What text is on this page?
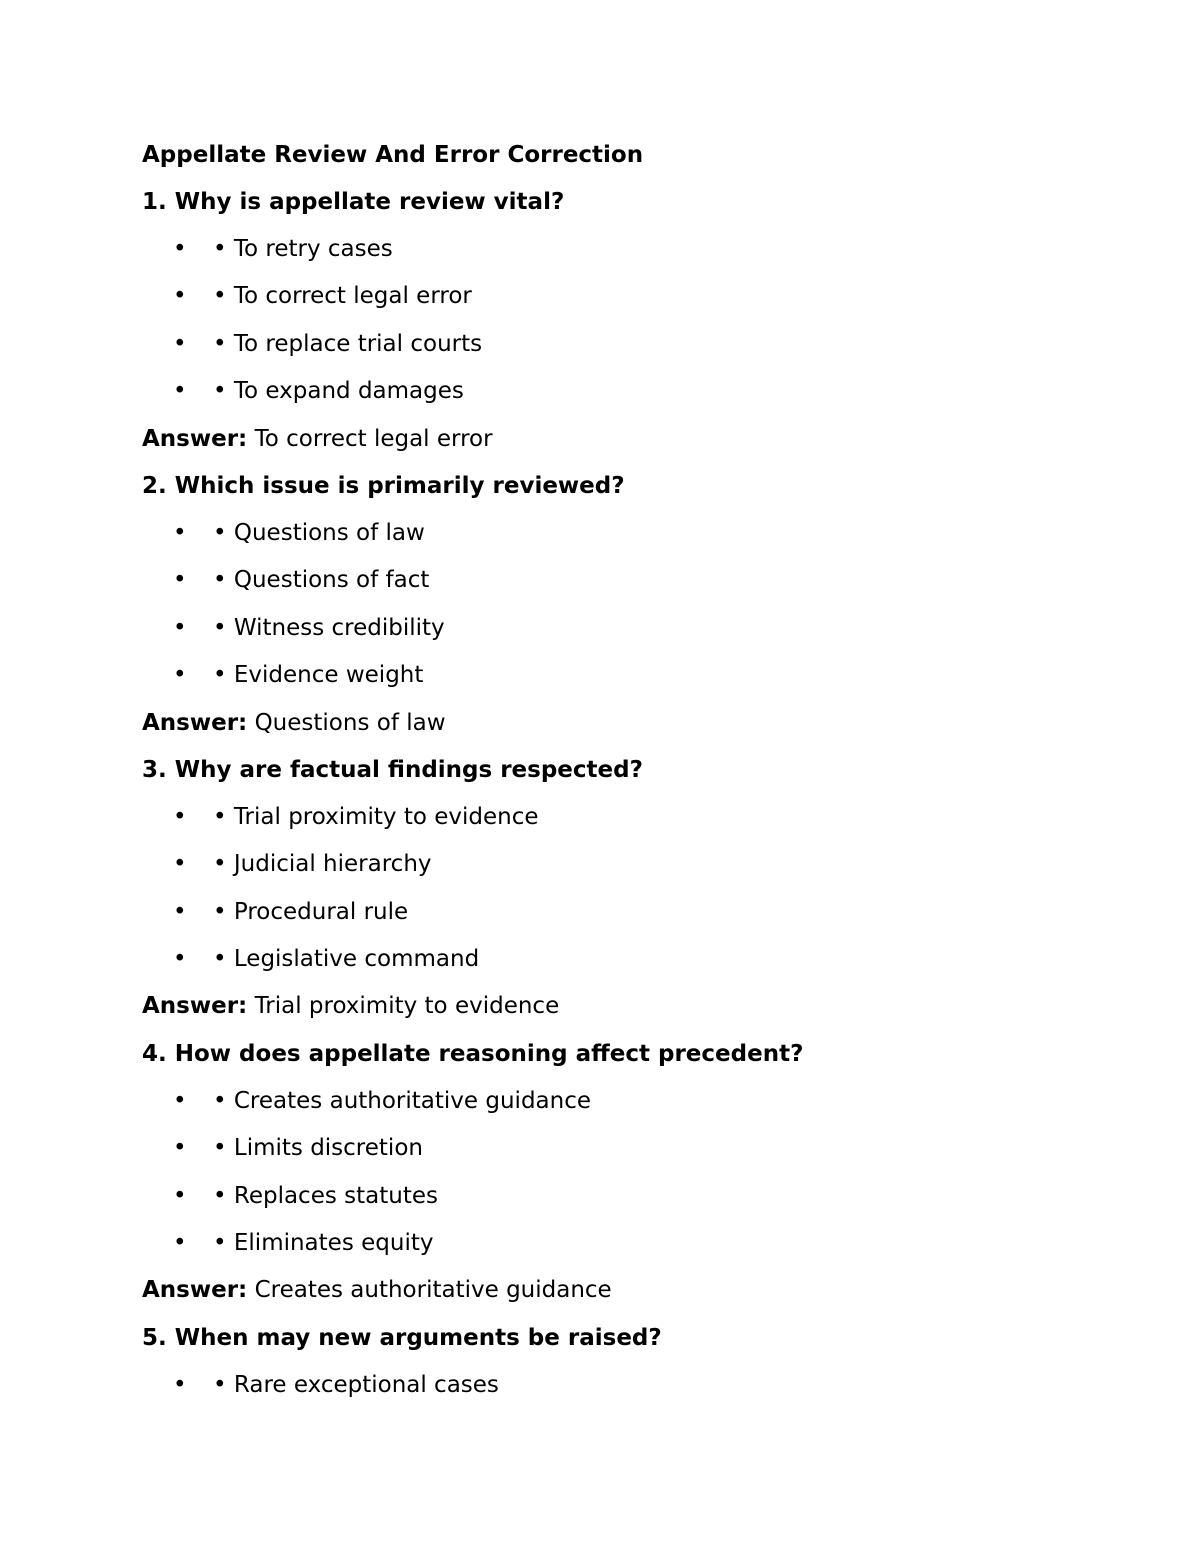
Appellate Review And Error Correction
1. Why is appellate review vital?
• • To retry cases
• • To correct legal error
• • To replace trial courts
• • To expand damages
Answer: To correct legal error
2. Which issue is primarily reviewed?
• • Questions of law
• • Questions of fact
• • Witness credibility
• • Evidence weight
Answer: Questions of law
3. Why are factual findings respected?
• • Trial proximity to evidence
• • Judicial hierarchy
• • Procedural rule
• • Legislative command
Answer: Trial proximity to evidence
4. How does appellate reasoning affect precedent?
• • Creates authoritative guidance
• • Limits discretion
• • Replaces statutes
• • Eliminates equity
Answer: Creates authoritative guidance
5. When may new arguments be raised?
• • Rare exceptional cases
